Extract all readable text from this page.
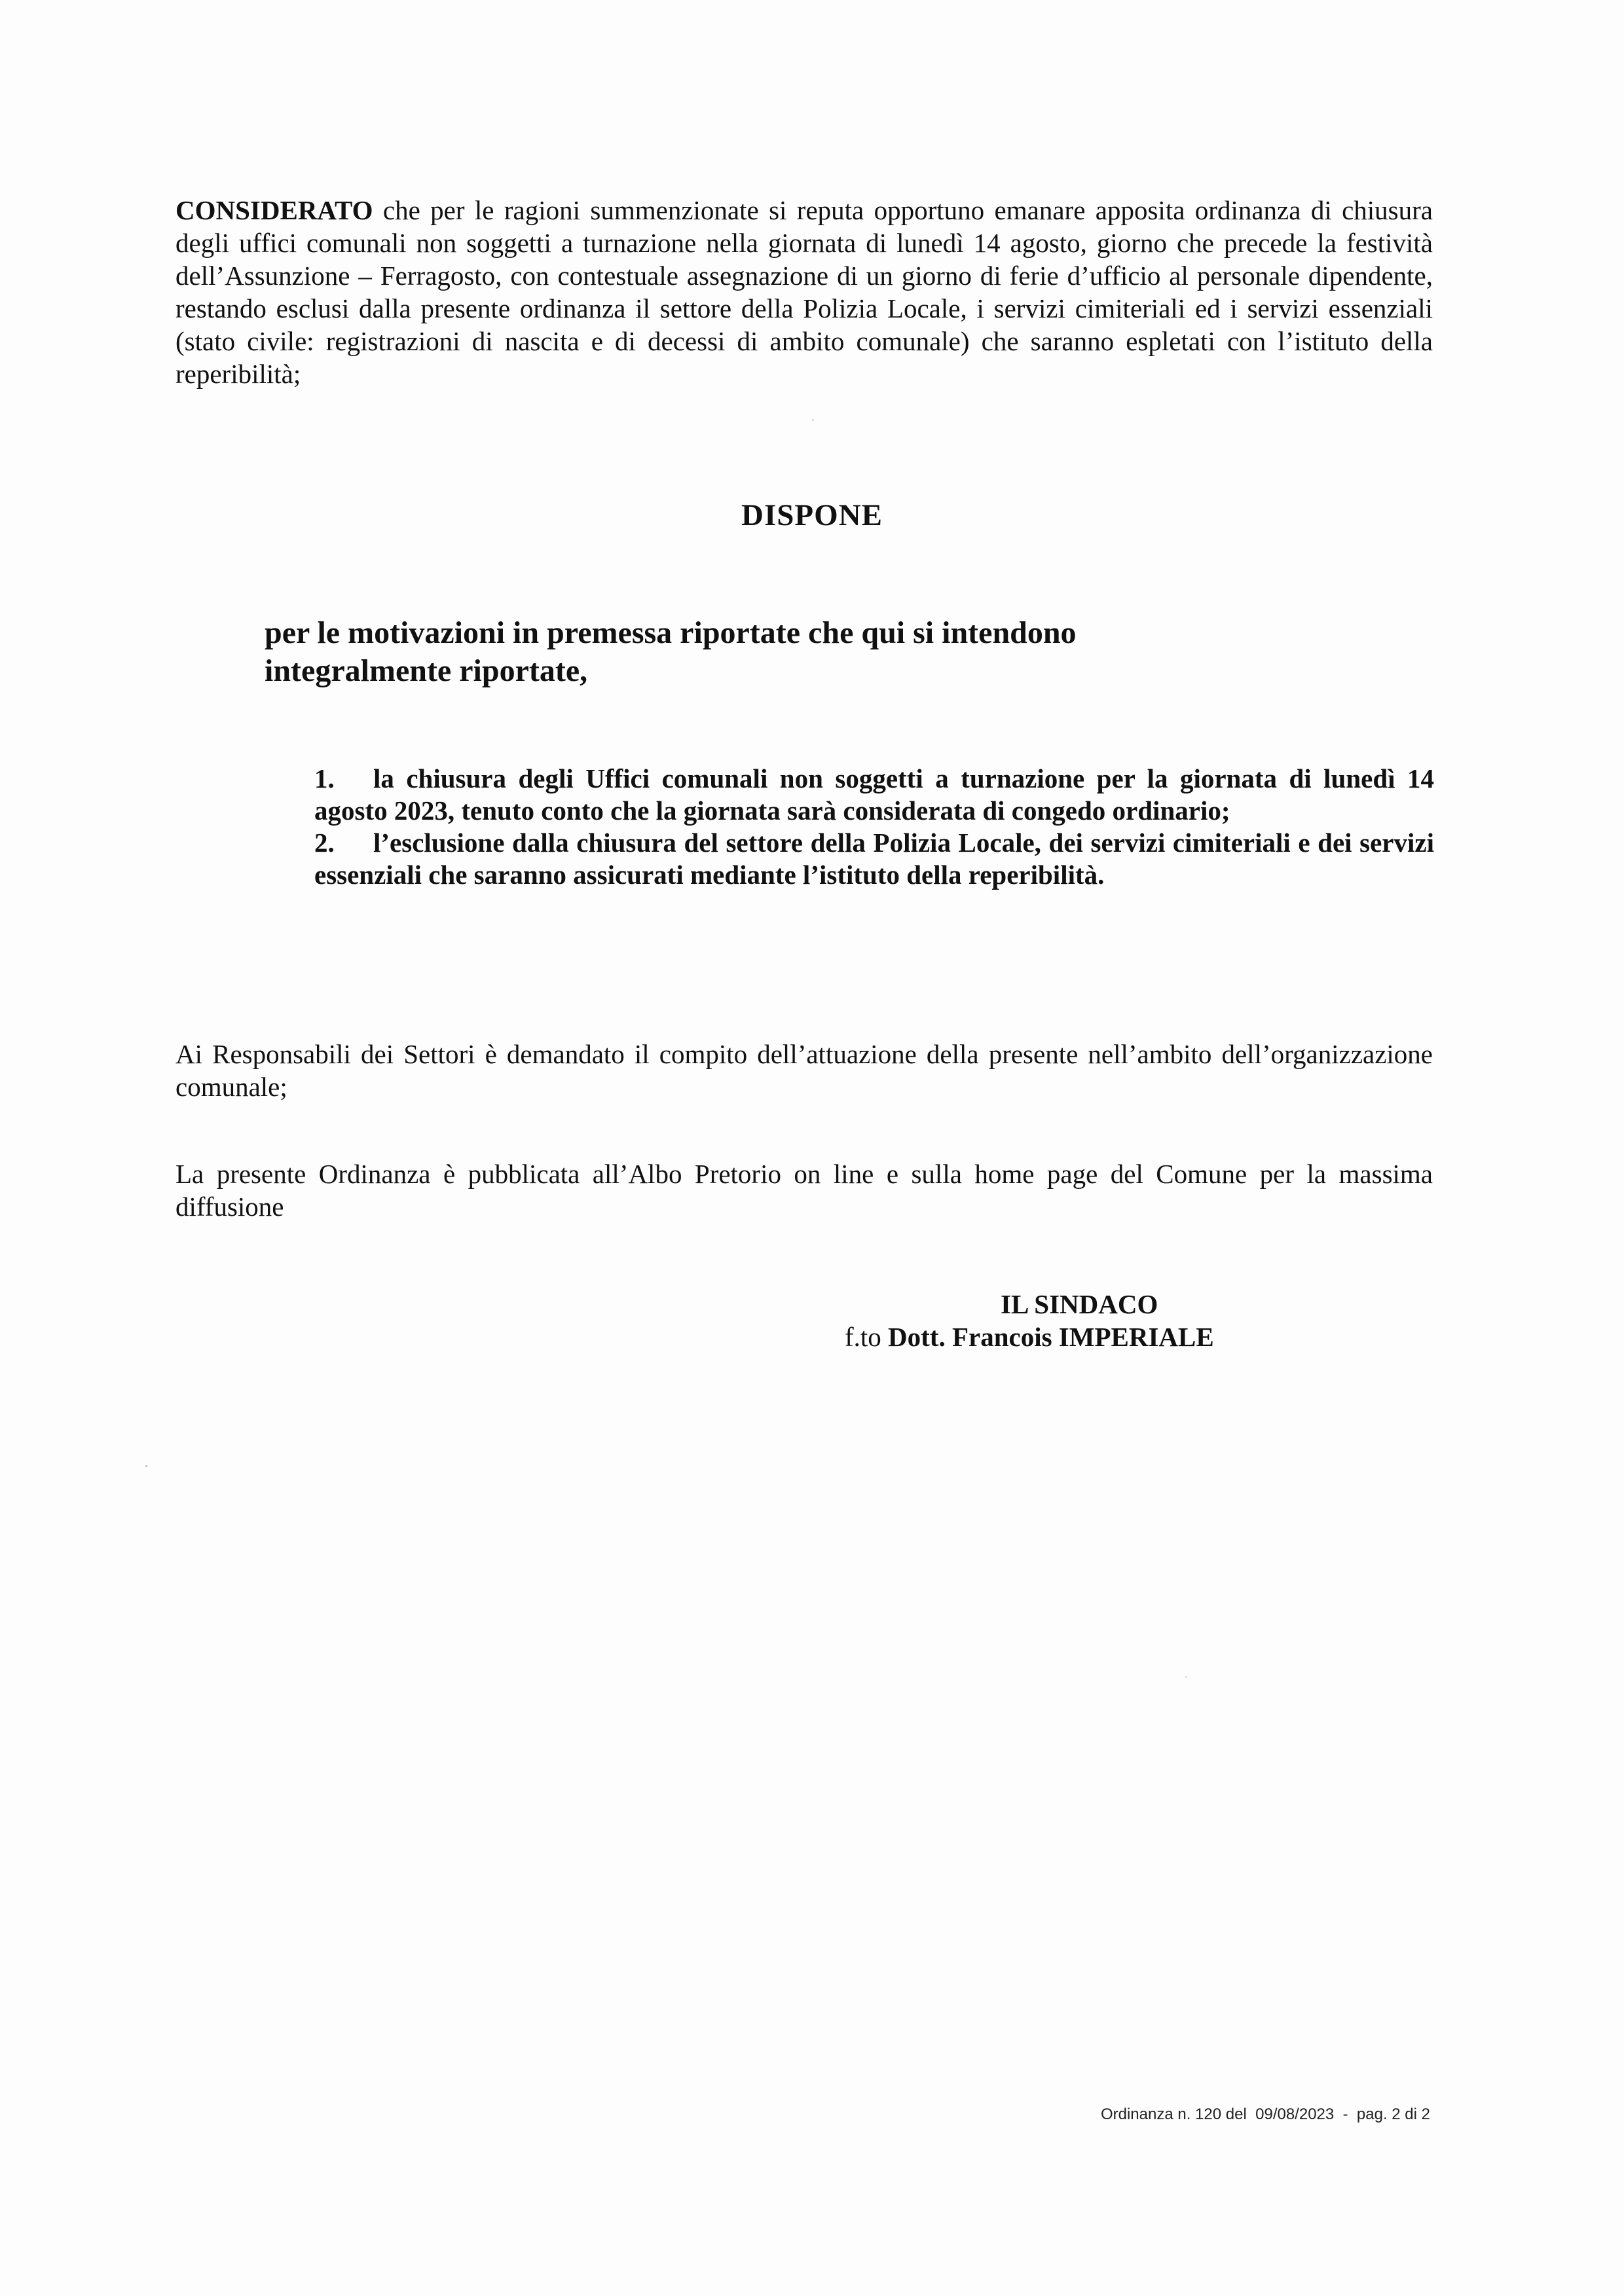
CONSIDERATO che per le ragioni summenzionate si reputa opportuno emanare apposita ordinanza di chiusura degli uffici comunali non soggetti a turnazione nella giornata di lunedì 14 agosto, giorno che precede la festività dell’Assunzione – Ferragosto, con contestuale assegnazione di un giorno di ferie d’ufficio al personale dipendente, restando esclusi dalla presente ordinanza il settore della Polizia Locale, i servizi cimiteriali ed i servizi essenziali (stato civile: registrazioni di nascita e di decessi di ambito comunale) che saranno espletati con l’istituto della reperibilità;

DISPONE
per le motivazioni in premessa riportate che qui si intendono
integralmente riportate,
1. la chiusura degli Uffici comunali non soggetti a turnazione per la giornata di lunedì 14 agosto 2023, tenuto conto che la giornata sarà considerata di congedo ordinario;
2. l’esclusione dalla chiusura del settore della Polizia Locale, dei servizi cimiteriali e dei servizi essenziali che saranno assicurati mediante l’istituto della reperibilità.

Ai Responsabili dei Settori è demandato il compito dell’attuazione della presente nell’ambito dell’organizzazione comunale;

La presente Ordinanza è pubblicata all’Albo Pretorio on line e sulla home page del Comune per la massima diffusione

IL SINDACO
f.to Dott. Francois IMPERIALE
Ordinanza n. 120 del  09/08/2023  -  pag. 2 di 2
